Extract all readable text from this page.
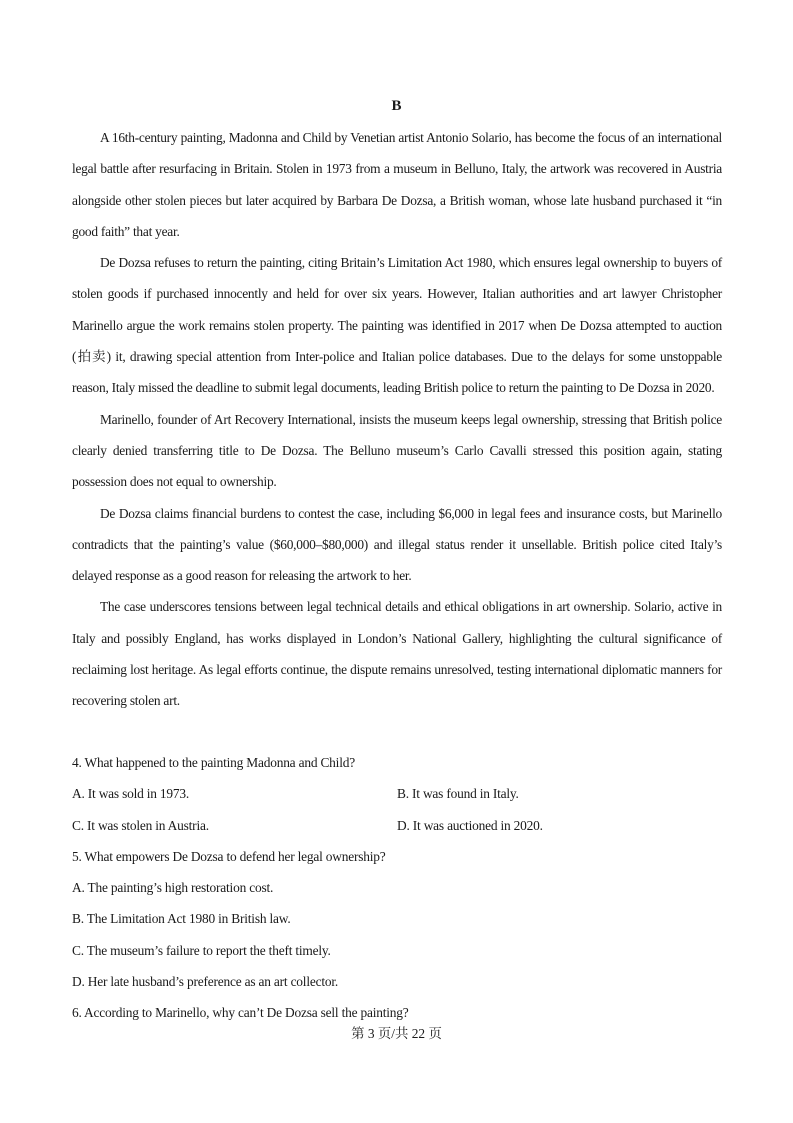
B

A 16th-century painting, Madonna and Child by Venetian artist Antonio Solario, has become the focus of an international legal battle after resurfacing in Britain. Stolen in 1973 from a museum in Belluno, Italy, the artwork was recovered in Austria alongside other stolen pieces but later acquired by Barbara De Dozsa, a British woman, whose late husband purchased it “in good faith” that year.

De Dozsa refuses to return the painting, citing Britain’s Limitation Act 1980, which ensures legal ownership to buyers of stolen goods if purchased innocently and held for over six years. However, Italian authorities and art lawyer Christopher Marinello argue the work remains stolen property. The painting was identified in 2017 when De Dozsa attempted to auction (拍卖) it, drawing special attention from Inter-police and Italian police databases. Due to the delays for some unstoppable reason, Italy missed the deadline to submit legal documents, leading British police to return the painting to De Dozsa in 2020.

Marinello, founder of Art Recovery International, insists the museum keeps legal ownership, stressing that British police clearly denied transferring title to De Dozsa. The Belluno museum’s Carlo Cavalli stressed this position again, stating possession does not equal to ownership.

De Dozsa claims financial burdens to contest the case, including $6,000 in legal fees and insurance costs, but Marinello contradicts that the painting’s value ($60,000–$80,000) and illegal status render it unsellable. British police cited Italy’s delayed response as a good reason for releasing the artwork to her.

The case underscores tensions between legal technical details and ethical obligations in art ownership. Solario, active in Italy and possibly England, has works displayed in London’s National Gallery, highlighting the cultural significance of reclaiming lost heritage. As legal efforts continue, the dispute remains unresolved, testing international diplomatic manners for recovering stolen art.

4. What happened to the painting Madonna and Child?

A. It was sold in 1973.	B. It was found in Italy.
C. It was stolen in Austria.	D. It was auctioned in 2020.

5. What empowers De Dozsa to defend her legal ownership?

A. The painting’s high restoration cost.

B. The Limitation Act 1980 in British law.

C. The museum’s failure to report the theft timely.

D. Her late husband’s preference as an art collector.

6. According to Marinello, why can’t De Dozsa sell the painting?

第 3 页/共 22 页
